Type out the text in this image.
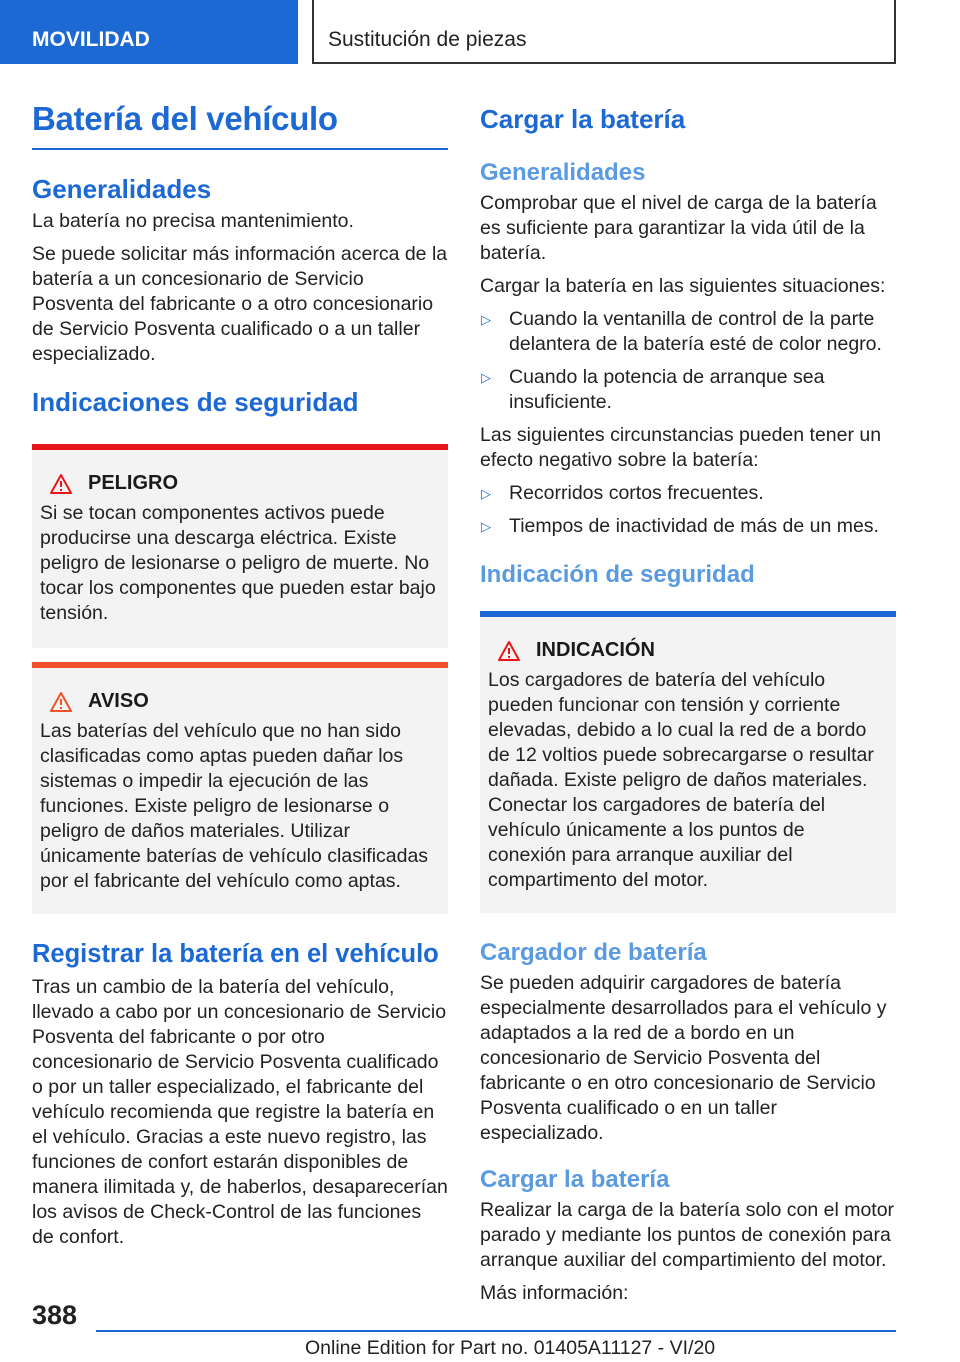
MOVILIDAD	Sustitución de piezas
Batería del vehículo
Generalidades

La batería no precisa mantenimiento.

Se puede solicitar más información acerca de la batería a un concesionario de Servicio Posventa del fabricante o a otro concesionario de Servicio Posventa cualificado o a un taller especializado.

Indicaciones de seguridad
PELIGRO

Si se tocan componentes activos puede producirse una descarga eléctrica. Existe peligro de lesionarse o peligro de muerte. No tocar los componentes que pueden estar bajo tensión.

AVISO

Las baterías del vehículo que no han sido clasificadas como aptas pueden dañar los sistemas o impedir la ejecución de las funciones. Existe peligro de lesionarse o peligro de daños materiales. Utilizar únicamente baterías de vehículo clasificadas por el fabricante del vehículo como aptas.

Registrar la batería en el vehículo

Tras un cambio de la batería del vehículo, llevado a cabo por un concesionario de Servicio Posventa del fabricante o por otro concesionario de Servicio Posventa cualificado o por un taller especializado, el fabricante del vehículo recomienda que registre la batería en el vehículo. Gracias a este nuevo registro, las funciones de confort estarán disponibles de manera ilimitada y, de haberlos, desaparecerían los avisos de Check-Control de las funciones de confort.

Cargar la batería
Generalidades

Comprobar que el nivel de carga de la batería es suficiente para garantizar la vida útil de la batería.

Cargar la batería en las siguientes situaciones:

▷ Cuando la ventanilla de control de la parte delantera de la batería esté de color negro.
▷ Cuando la potencia de arranque sea insuficiente.

Las siguientes circunstancias pueden tener un efecto negativo sobre la batería:

▷ Recorridos cortos frecuentes.
▷ Tiempos de inactividad de más de un mes.
Indicación de seguridad
INDICACIÓN

Los cargadores de batería del vehículo pueden funcionar con tensión y corriente elevadas, debido a lo cual la red de a bordo de 12 voltios puede sobrecargarse o resultar dañada. Existe peligro de daños materiales. Conectar los cargadores de batería del vehículo únicamente a los puntos de conexión para arranque auxiliar del compartimento del motor.

Cargador de batería

Se pueden adquirir cargadores de batería especialmente desarrollados para el vehículo y adaptados a la red de a bordo en un concesionario de Servicio Posventa del fabricante o en otro concesionario de Servicio Posventa cualificado o en un taller especializado.

Cargar la batería

Realizar la carga de la batería solo con el motor parado y mediante los puntos de conexión para arranque auxiliar del compartimiento del motor.

Más información:

388
Online Edition for Part no. 01405A11127 - VI/20
